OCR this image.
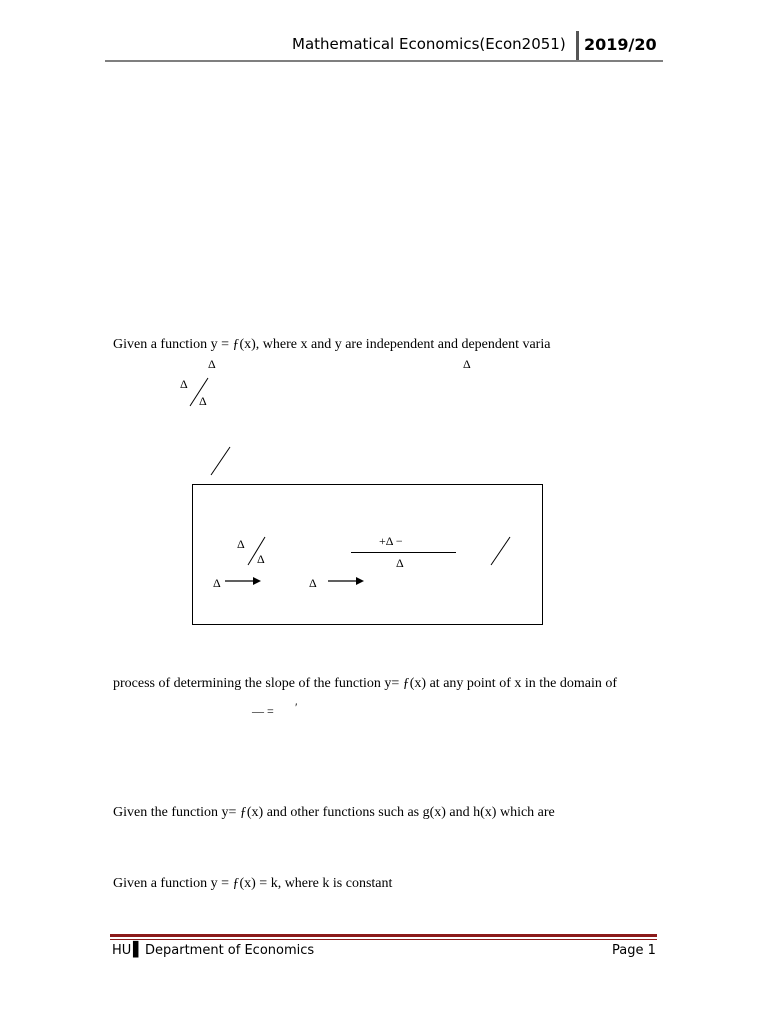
Mathematical Economics(Econ2051) 2019/20
Given a function y = ƒ(x), where x and y are independent and dependent varia
Δ	Δ
Δ
Δ
Δ
Δ
+Δ −
Δ
Δ	Δ
process of determining the slope of the function y= ƒ(x) at any point of x in the domain of
— = ′
Given the function y= ƒ(x) and other functions such as g(x) and h(x) which are
Given a function y = ƒ(x) = k, where k is constant
HU ▌ Department of Economics	Page 1
